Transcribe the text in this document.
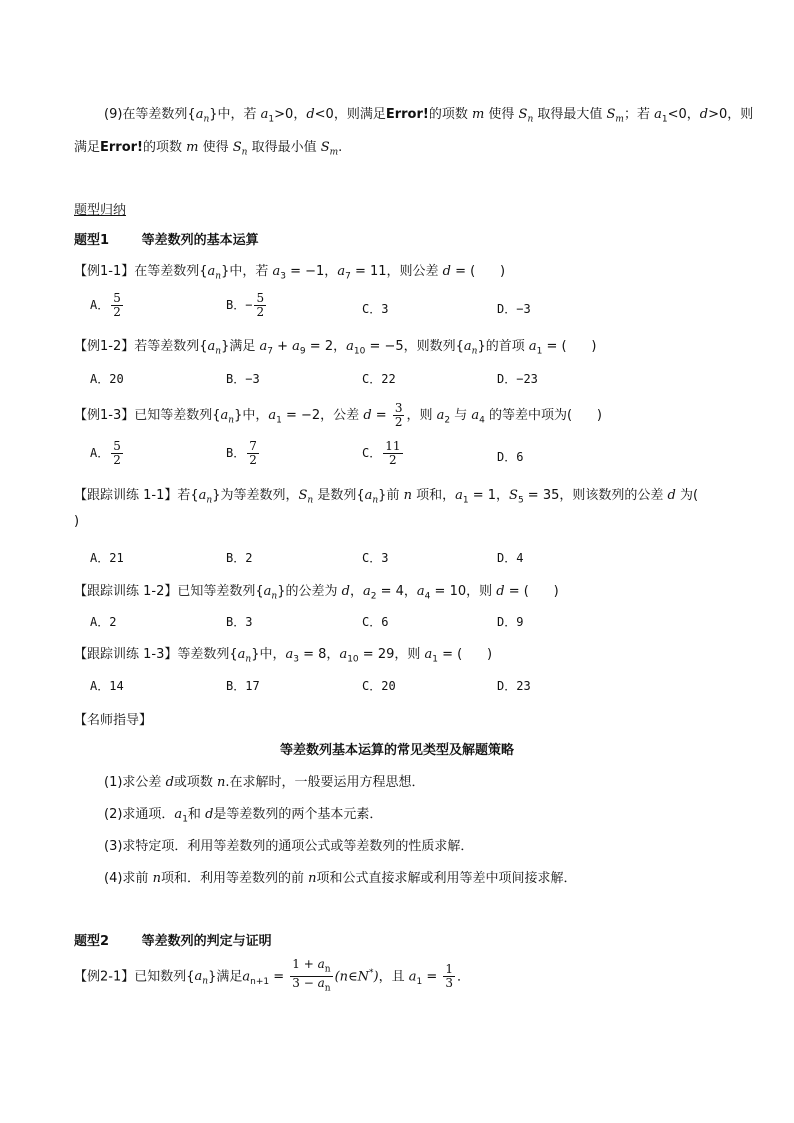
(9)在等差数列$\{a_n\}$中，若 $a_1>0$，d<0，则满足Error!的项数 m 使得 $S_n$ 取得最大值 $S_m$；若 $a_1<0$，d>0，则
满足Error!的项数 m 使得 $S_n$ 取得最小值 $S_m$.
题型归纳
题型1	等差数列的基本运算
【例1-1】在等差数列$\{a_n\}$中，若 $a_3 = -1$，$a_7 = 11$，则公差 d = (      )
A． $\frac{5}{2}$	B．− $\frac{5}{2}$	C．3	D．−3
【例1-2】若等差数列$\{a_n\}$满足 $a_7 + a_9 = 2$，$a_{10} = -5$，则数列$\{a_n\}$的首项 $a_1$ = (      )
A．20	B．−3	C．22	D．−23
【例1-3】已知等差数列$\{a_n\}$中，$a_1 = -2$，公差 $d = \frac{3}{2}$ ，则 $a_2$ 与 $a_4$ 的等差中项为(      )
A． $\frac{5}{2}$	B． $\frac{7}{2}$	C． $\frac{11}{2}$	D．6
【跟踪训练 1-1】若$\{a_n\}$为等差数列，$S_n$ 是数列$\{a_n\}$前 n 项和，$a_1 = 1$，$S_5 = 35$，则该数列的公差 d 为(
)
A．21	B．2	C．3	D．4
【跟踪训练 1-2】已知等差数列$\{a_n\}$的公差为 d，$a_2 = 4$，$a_4 = 10$，则 d = (      )
A．2	B．3	C．6	D．9
【跟踪训练 1-3】等差数列$\{a_n\}$中，$a_3 = 8$，$a_{10} = 29$，则 $a_1$ = (      )
A．14	B．17	C．20	D．23
【名师指导】
等差数列基本运算的常见类型及解题策略
(1)求公差 d或项数 n.在求解时，一般要运用方程思想．
(2)求通项．$a_1$和 d是等差数列的两个基本元素．
(3)求特定项．利用等差数列的通项公式或等差数列的性质求解．
(4)求前 n项和．利用等差数列的前 n项和公式直接求解或利用等差中项间接求解．
题型2	等差数列的判定与证明
【例2-1】已知数列$\{a_n\}$满足$a_{n+1} = \frac{1 + a_n}{3 - a_n}$ (n∈N*)，且 $a_1 = \frac{1}{3}$ ．
